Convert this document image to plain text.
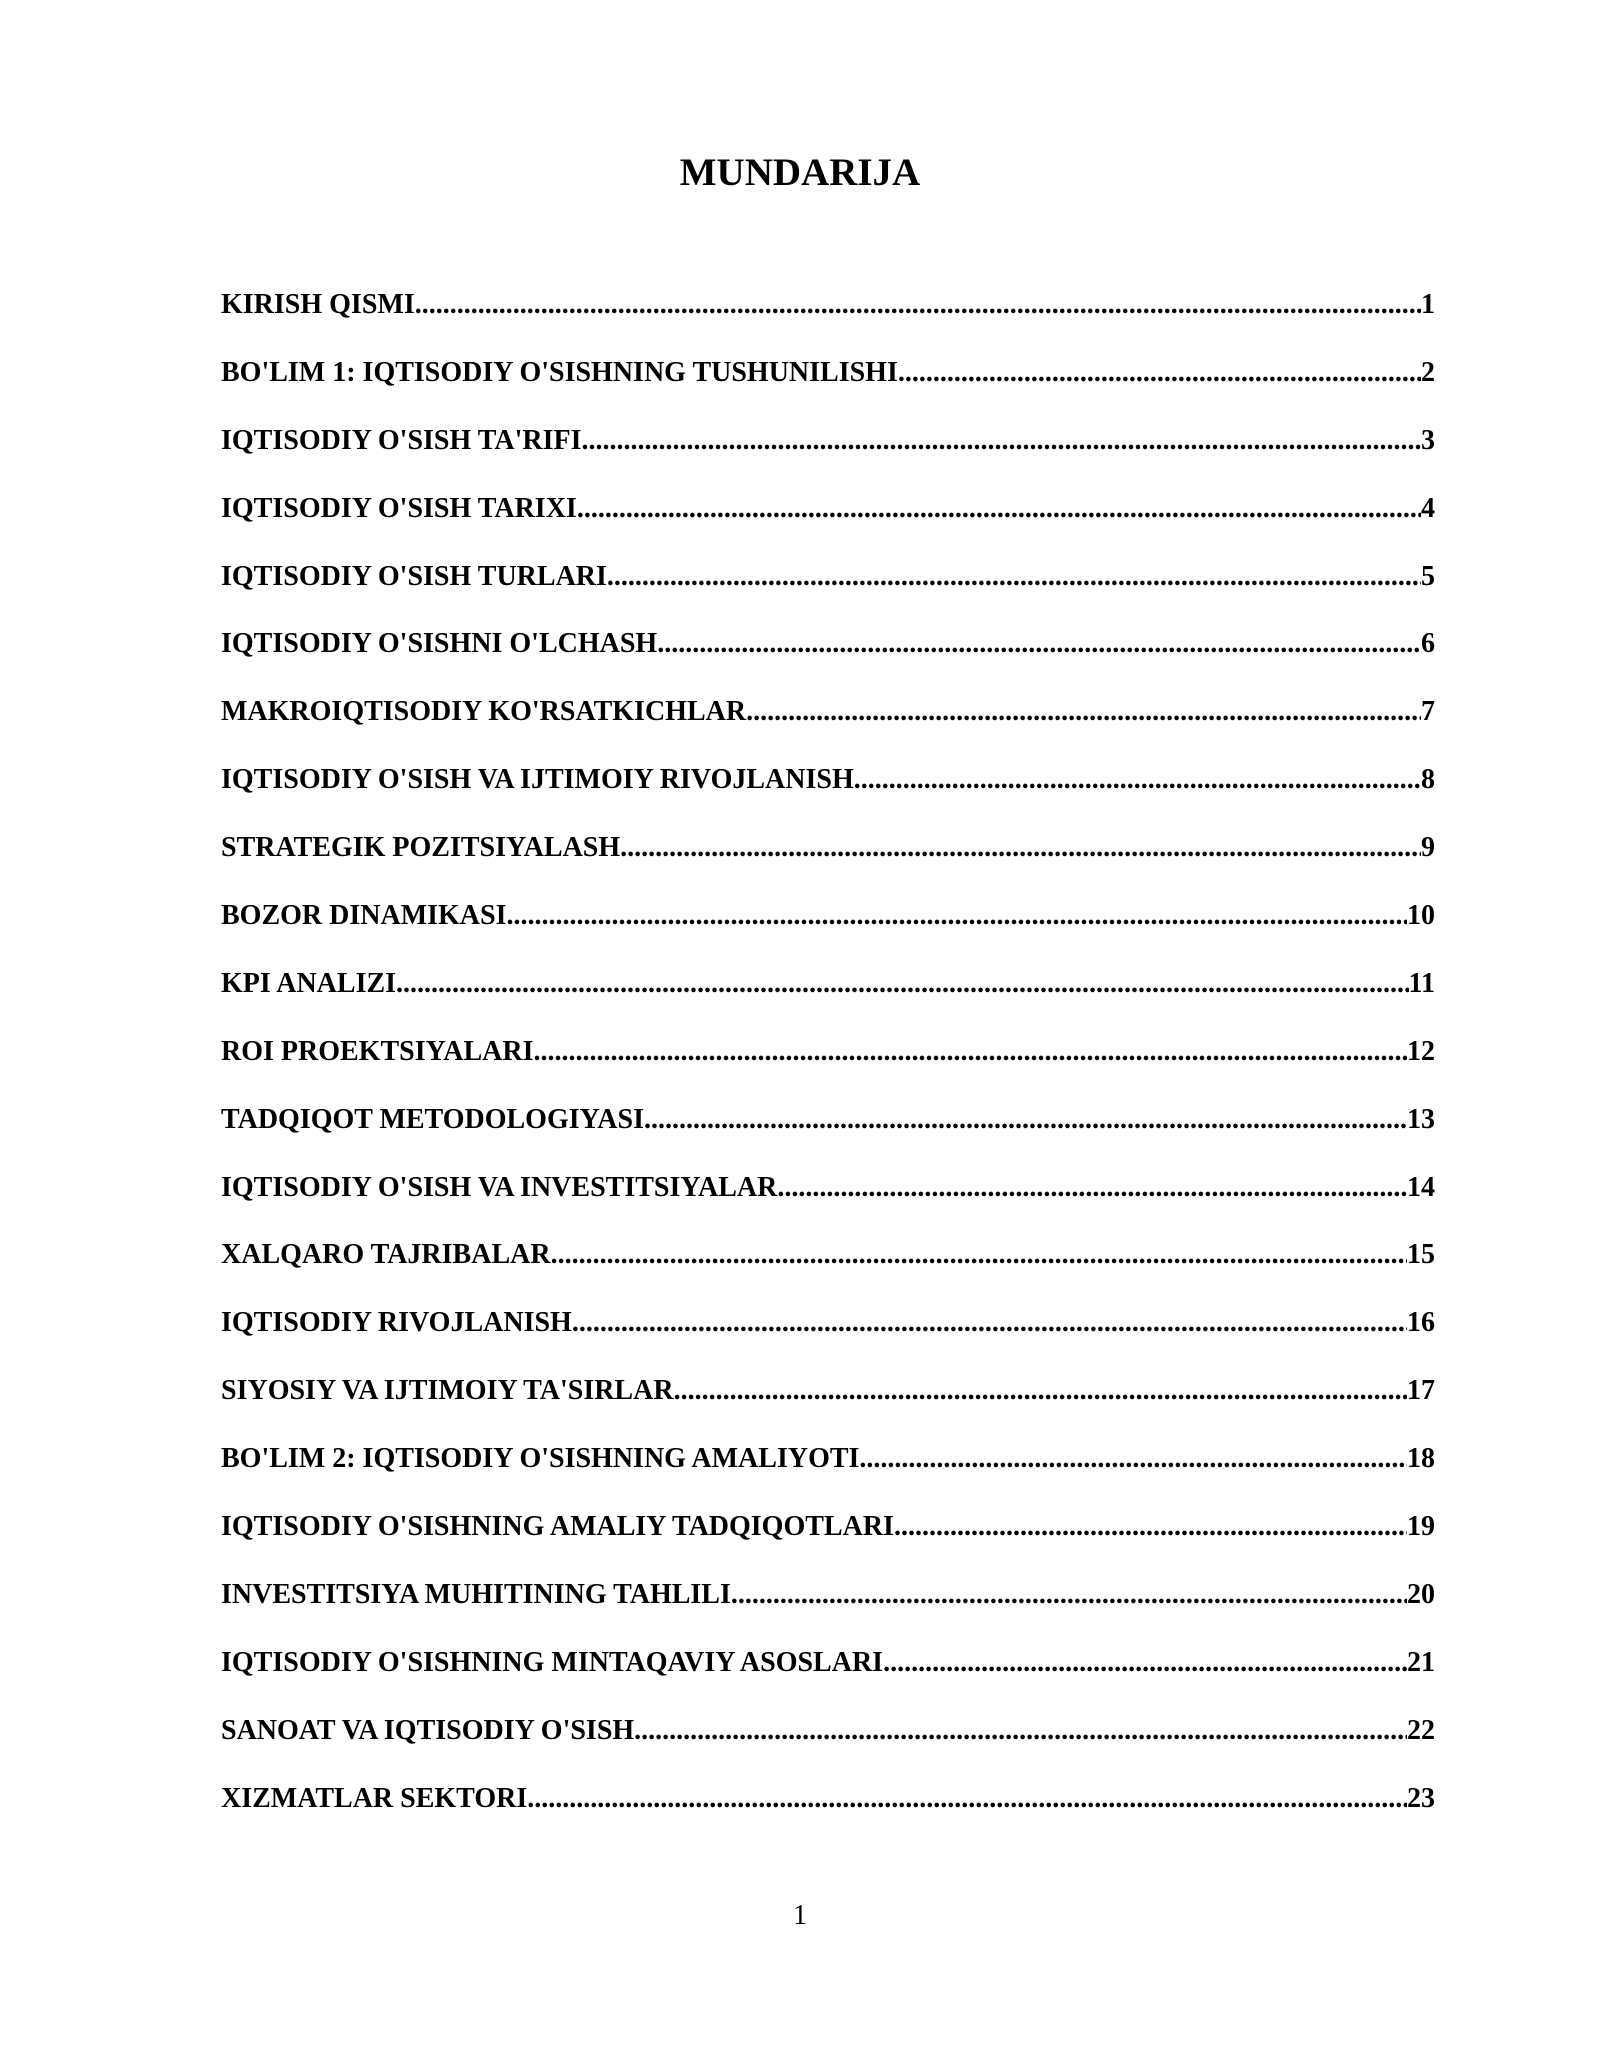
MUNDARIJA
KIRISH QISMI .....	1
BO'LIM 1: IQTISODIY O'SISHNING TUSHUNILISHI .....	2
IQTISODIY O'SISH TA'RIFI .....	3
IQTISODIY O'SISH TARIXI .....	4
IQTISODIY O'SISH TURLARI .....	5
IQTISODIY O'SISHNI O'LCHASH .....	6
MAKROIQTISODIY KO'RSATKICHLAR .....	7
IQTISODIY O'SISH VA IJTIMOIY RIVOJLANISH .....	8
STRATEGIK POZITSIYALASH .....	9
BOZOR DINAMIKASI .....	10
KPI ANALIZI .....	11
ROI PROEKTSIYALARI .....	12
TADQIQOT METODOLOGIYASI .....	13
IQTISODIY O'SISH VA INVESTITSIYALAR .....	14
XALQARO TAJRIBALAR .....	15
IQTISODIY RIVOJLANISH .....	16
SIYOSIY VA IJTIMOIY TA'SIRLAR .....	17
BO'LIM 2: IQTISODIY O'SISHNING AMALIYOTI .....	18
IQTISODIY O'SISHNING AMALIY TADQIQOTLARI .....	19
INVESTITSIYA MUHITINING TAHLILI .....	20
IQTISODIY O'SISHNING MINTAQAVIY ASOSLARI .....	21
SANOAT VA IQTISODIY O'SISH .....	22
XIZMATLAR SEKTORI .....	23

1
